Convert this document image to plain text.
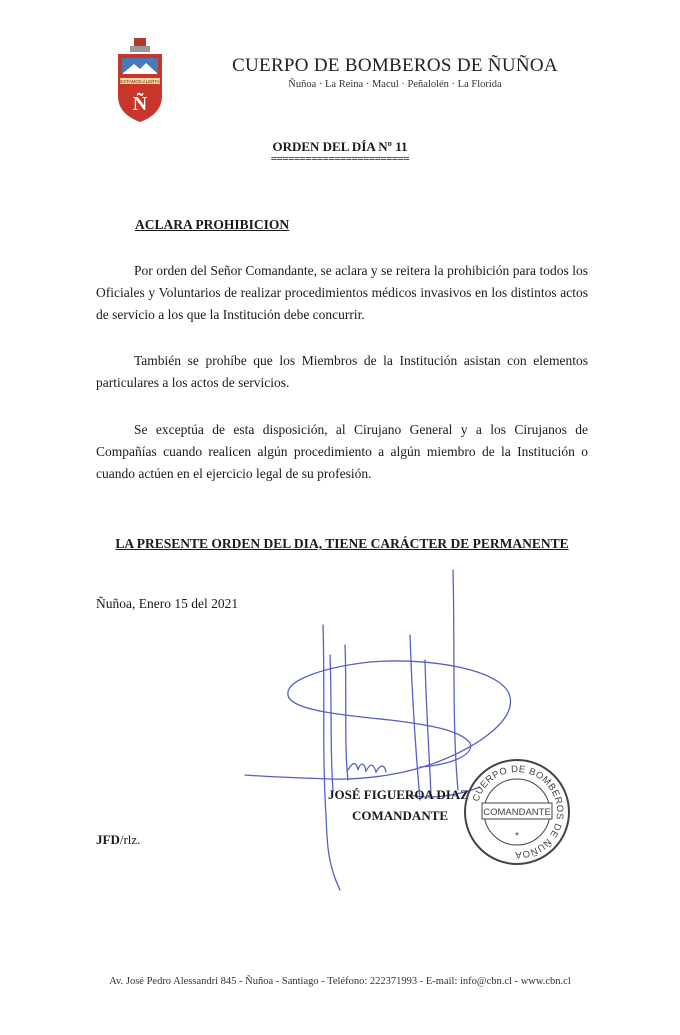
ESTAMOS ALERTA
Ñ
CUERPO DE BOMBEROS DE ÑUÑOA
Ñuñoa · La Reina · Macul · Peñalolén · La Florida
ORDEN DEL DÍA Nº 11
========================
ACLARA PROHIBICION
Por orden del Señor Comandante, se aclara y se reitera la prohibición para todos los Oficiales y Voluntarios de realizar procedimientos médicos invasivos en los distintos actos de servicio a los que la Institución debe concurrir.
También se prohíbe que los Miembros de la Institución asistan con elementos particulares a los actos de servicios.
Se exceptúa de esta disposición, al Cirujano General y a los Cirujanos de Compañías cuando realicen algún procedimiento a algún miembro de la Institución o cuando actúen en el ejercicio legal de su profesión.
LA PRESENTE ORDEN DEL DIA, TIENE CARÁCTER DE PERMANENTE
Ñuñoa, Enero 15 del 2021
JOSÉ FIGUEROA DIAZ
COMANDANTE
CUERPO DE BOMBEROS DE ÑUÑOA
COMANDANTE
*
JFD/rlz.
Av. José Pedro Alessandri 845 - Ñuñoa - Santiago - Teléfono: 222371993 - E-mail: info@cbn.cl - www.cbn.cl
